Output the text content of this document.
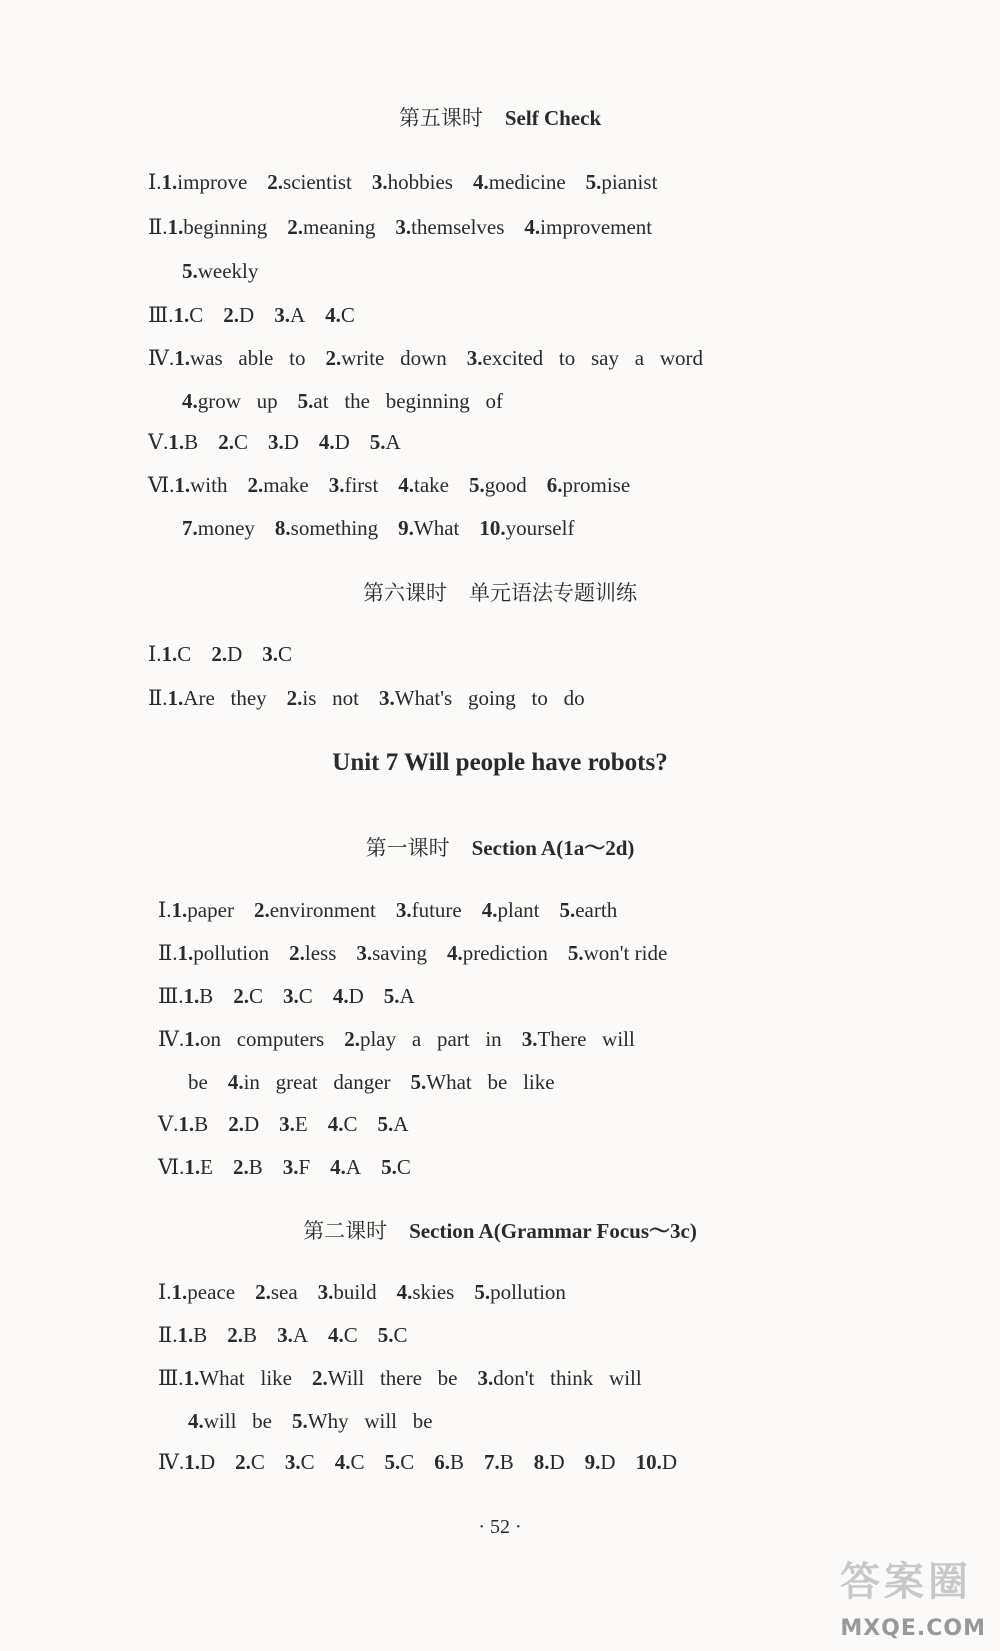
第五课时 Self Check
Ⅰ.1.improve 2.scientist 3.hobbies 4.medicine 5.pianist
Ⅱ.1.beginning 2.meaning 3.themselves 4.improvement
5.weekly
Ⅲ.1.C 2.D 3.A 4.C
Ⅳ.1.was   able   to 2.write   down 3.excited   to   say   a   word
4.grow   up 5.at   the   beginning   of
Ⅴ.1.B 2.C 3.D 4.D 5.A
Ⅵ.1.with 2.make 3.first 4.take 5.good 6.promise
7.money 8.something 9.What 10.yourself
第六课时 单元语法专题训练
Ⅰ.1.C 2.D 3.C
Ⅱ.1.Are   they 2.is   not 3.What's   going   to   do
Unit 7 Will people have robots?
第一课时 Section A(1a～2d)
Ⅰ.1.paper 2.environment 3.future 4.plant 5.earth
Ⅱ.1.pollution 2.less 3.saving 4.prediction 5.won't ride
Ⅲ.1.B 2.C 3.C 4.D 5.A
Ⅳ.1.on   computers 2.play   a   part   in 3.There   will
be 4.in   great   danger 5.What   be   like
Ⅴ.1.B 2.D 3.E 4.C 5.A
Ⅵ.1.E 2.B 3.F 4.A 5.C
第二课时 Section A(Grammar Focus～3c)
Ⅰ.1.peace 2.sea 3.build 4.skies 5.pollution
Ⅱ.1.B 2.B 3.A 4.C 5.C
Ⅲ.1.What   like 2.Will   there   be 3.don't   think   will
4.will   be 5.Why   will   be
Ⅳ.1.D 2.C 3.C 4.C 5.C 6.B 7.B 8.D 9.D 10.D
· 52 ·
答案圈
MXQE.COM
